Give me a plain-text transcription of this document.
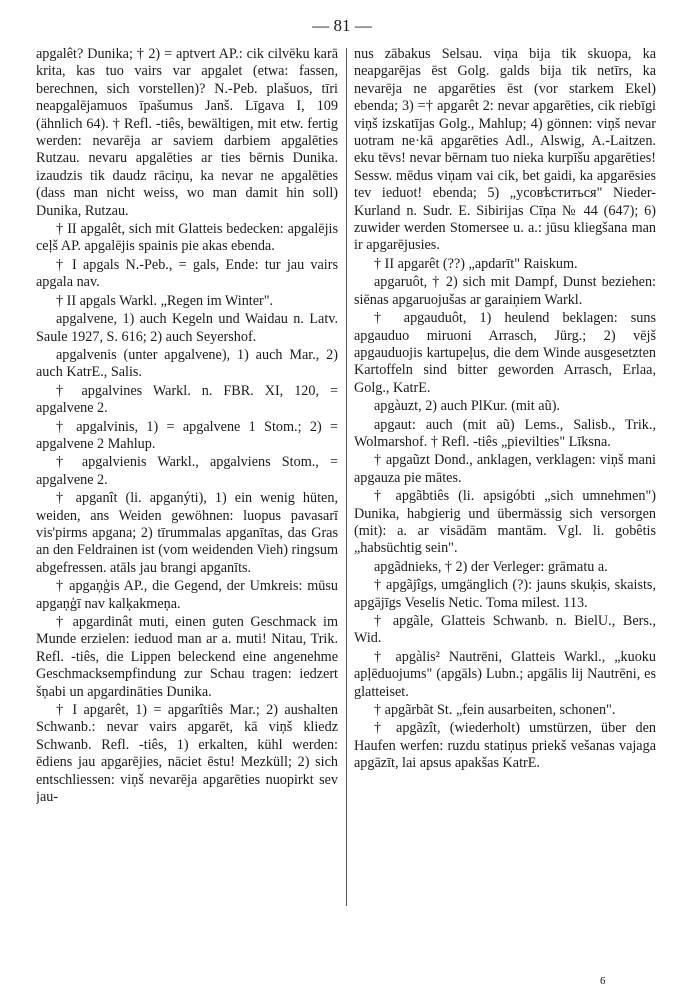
— 81 —

apgalêt? Dunika; † 2) = aptvert AP.: cik cilvēku karā krita, kas tuo vairs var apgalet (etwa: fassen, berechnen, sich vorstellen)? N.-Peb. plašuos, tīri neapgalējamuos īpašumus Janš. Līgava I, 109 (ähnlich 64). † Refl. -tiês, bewältigen, mit etw. fertig werden: nevarēja ar saviem darbiem apgalēties Rutzau. nevaru apgalēties ar ties bērnis Dunika. izaudzis tik daudz rāciņu, ka nevar ne apgalēties (dass man nicht weiss, wo man damit hin soll) Dunika, Rutzau.

† II apgalêt, sich mit Glatteis bedecken: apgalējis ceļš AP. apgalējis spainis pie akas ebenda.

† I apgals N.-Peb., = gals, Ende: tur jau vairs apgala nav.

† II apgals Warkl. „Regen im Winter".

apgalvene, 1) auch Kegeln und Waidau n. Latv. Saule 1927, S. 616; 2) auch Seyershof.

apgalvenis (unter apgalvene), 1) auch Mar., 2) auch KatrE., Salis.

† apgalvines Warkl. n. FBR. XI, 120, = apgalvene 2.

† apgalvinis, 1) = apgalvene 1 Stom.; 2) = apgalvene 2 Mahlup.

† apgalvienis Warkl., apgalviens Stom., = apgalvene 2.

† apganît (li. apganýti), 1) ein wenig hüten, weiden, ans Weiden gewöhnen: luopus pavasarī vis'pirms apgana; 2) tīrummalas apganītas, das Gras an den Feldrainen ist (vom weidenden Vieh) ringsum abgefressen. atāls jau brangi apganīts.

† apgaņģis AP., die Gegend, der Umkreis: mūsu apgaņģī nav kalķakmeņa.

† apgardinât muti, einen guten Geschmack im Munde erzielen: ieduod man ar a. muti! Nitau, Trik. Refl. -tiês, die Lippen beleckend eine angenehme Geschmacksempfindung zur Schau tragen: iedzert šņabi un apgardināties Dunika.

† I apgarêt, 1) = apgarîtiês Mar.; 2) aushalten Schwanb.: nevar vairs apgarēt, kā viņš kliedz Schwanb. Refl. -tiês, 1) erkalten, kühl werden: ēdiens jau apgarējies, nāciet ēstu! Mezküll; 2) sich entschliessen: viņš nevarēja apgarēties nuopirkt sev jau-

nus zābakus Selsau. viņa bija tik skuopa, ka neapgarējas ēst Golg. galds bija tik netīrs, ka nevarēja ne apgarēties ēst (vor starkem Ekel) ebenda; 3) =† apgarêt 2: nevar apgarēties, cik riebīgi viņš izskatījas Golg., Mahlup; 4) gönnen: viņš nevar uotram ne·kā apgarēties Adl., Alswig, A.-Laitzen. eku tēvs! nevar bērnam tuo nieka kurpīšu apgarēties! Sessw. mēdus viņam vai cik, bet gaidi, ka apgarēsies tev ieduot! ebenda; 5) „усовѣститься" Nieder-Kurland n. Sudr. E. Sibirijas Cīņa № 44 (647); 6) zuwider werden Stomersee u. a.: jūsu kliegšana man ir apgarējusies.

† II apgarêt (??) „apdarīt" Raiskum.

apgaruôt, † 2) sich mit Dampf, Dunst beziehen: siēnas apgaruojušas ar garaiņiem Warkl.

† apgauduôt, 1) heulend beklagen: suns apgauduo miruoni Arrasch, Jürg.; 2) vējš apgauduojis kartupeļus, die dem Winde ausgesetzten Kartoffeln sind bitter geworden Arrasch, Erlaa, Golg., KatrE.

apgàuzt, 2) auch PlKur. (mit aũ).

apgaut: auch (mit aũ) Lems., Salisb., Trik., Wolmarshof. † Refl. -tiês „pievilties" Līksna.

† apgaũzt Dond., anklagen, verklagen: viņš mani apgauza pie mātes.

† apgãbtiês (li. apsigóbti „sich umnehmen") Dunika, habgierig und übermässig sich versorgen (mit): a. ar visādām mantām. Vgl. li. gobêtis „habsüchtig sein".

apgãdnieks, † 2) der Verleger: grāmatu a.

† apgãjîgs, umgänglich (?): jauns skuķis, skaists, apgājīgs Veselis Netic. Toma milest. 113.

† apgãle, Glatteis Schwanb. n. BielU., Bers., Wid.

† apgàlis² Nautrēni, Glatteis Warkl., „kuoku apļēduojums" (apgāls) Lubn.; apgālis lij Nautrēni, es glatteiset.

† apgãrbãt St. „fein ausarbeiten, schonen".

† apgãzît, (wiederholt) umstürzen, über den Haufen werfen: ruzdu statiņus priekš vešanas vajaga apgāzīt, lai apsus apakšas KatrE.

6
